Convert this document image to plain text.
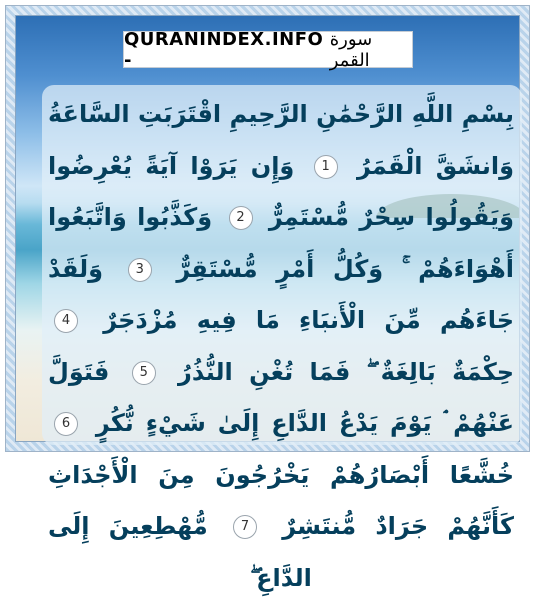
QURANINDEX.INFO -
سورة القمر
بِسْمِ اللَّهِ الرَّحْمَٰنِ الرَّحِيمِ اقْتَرَبَتِ السَّاعَةُ وَانشَقَّ الْقَمَرُ 1 وَإِن يَرَوْا آيَةً يُعْرِضُوا وَيَقُولُوا سِحْرٌ مُّسْتَمِرٌّ 2 وَكَذَّبُوا وَاتَّبَعُوا أَهْوَاءَهُمْ ۚ وَكُلُّ أَمْرٍ مُّسْتَقِرٌّ 3 وَلَقَدْ جَاءَهُم مِّنَ الْأَنبَاءِ مَا فِيهِ مُزْدَجَرٌ 4 حِكْمَةٌ بَالِغَةٌ ۖ فَمَا تُغْنِ النُّذُرُ 5 فَتَوَلَّ عَنْهُمْ ۘ يَوْمَ يَدْعُ الدَّاعِ إِلَىٰ شَيْءٍ نُّكُرٍ 6 خُشَّعًا أَبْصَارُهُمْ يَخْرُجُونَ مِنَ الْأَجْدَاثِ كَأَنَّهُمْ جَرَادٌ مُّنتَشِرٌ 7 مُّهْطِعِينَ إِلَى الدَّاعِ ۖ
